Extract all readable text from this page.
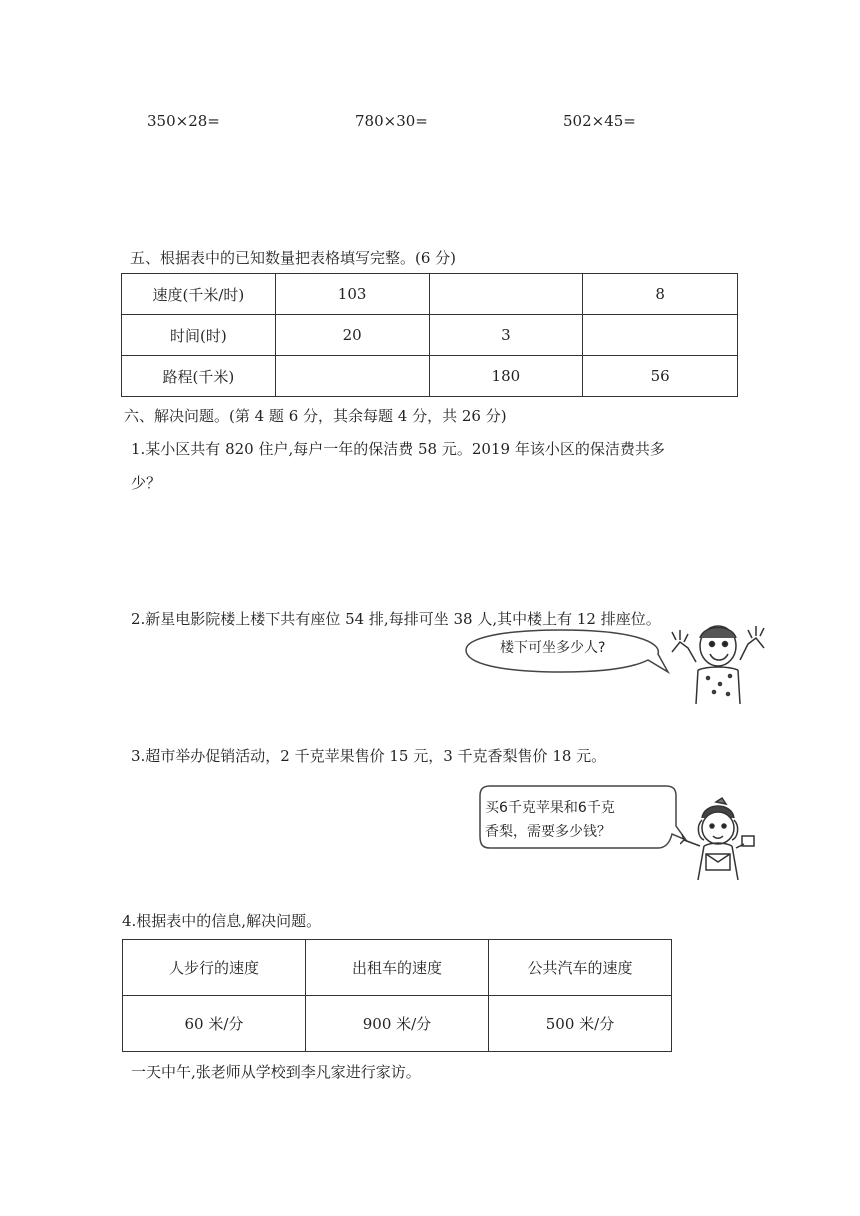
350×28=	780×30=	502×45=
五、根据表中的已知数量把表格填写完整。(6 分)
速度(千米/时)	103		8
时间(时)	20	3	
路程(千米)		180	56
六、解决问题。(第 4 题 6 分，其余每题 4 分，共 26 分)
1.某小区共有 820 住户,每户一年的保洁费 58 元。2019 年该小区的保洁费共多
少？
2.新星电影院楼上楼下共有座位 54 排,每排可坐 38 人,其中楼上有 12 排座位。
楼下可坐多少人?
3.超市举办促销活动，2 千克苹果售价 15 元，3 千克香梨售价 18 元。
买6千克苹果和6千克
香梨，需要多少钱？
4.根据表中的信息,解决问题。
人步行的速度	出租车的速度	公共汽车的速度
60 米/分	900 米/分	500 米/分
一天中午,张老师从学校到李凡家进行家访。
